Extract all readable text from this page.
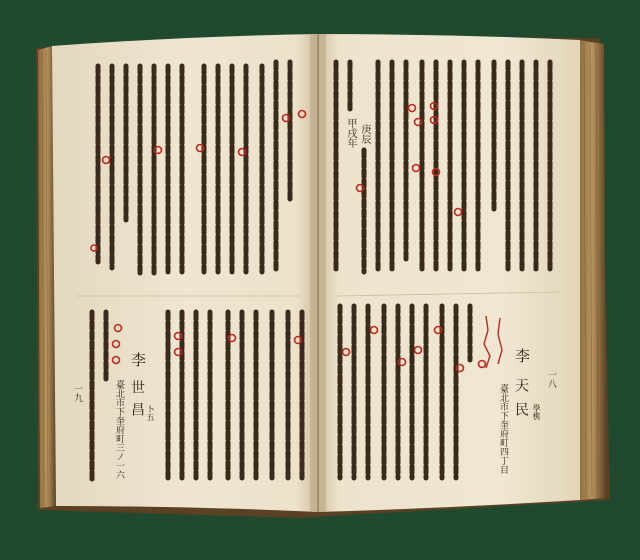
一九
一八
李
世
昌 卜五
臺北市下奎府町三ノ一六
李
天
民 學樵
臺北市下奎府町四丁目
甲戌年 庚辰
